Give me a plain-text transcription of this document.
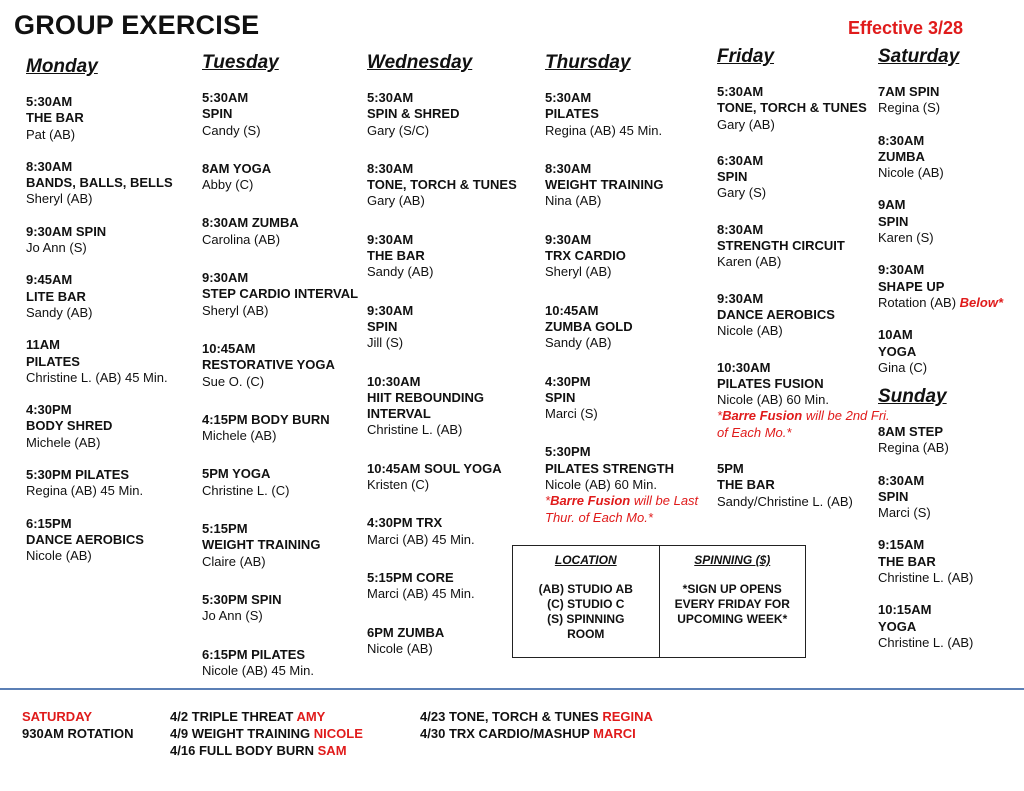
GROUP EXERCISE	Effective 3/28
Monday
5:30AM
THE BAR
Pat (AB)
8:30AM
BANDS, BALLS, BELLS
Sheryl (AB)
9:30AM SPIN
Jo Ann (S)
9:45AM
LITE BAR
Sandy (AB)
11AM
PILATES
Christine L. (AB) 45 Min.
4:30PM
BODY SHRED
Michele (AB)
5:30PM PILATES
Regina (AB) 45 Min.
6:15PM
DANCE AEROBICS
Nicole (AB)
Tuesday
5:30AM
SPIN
Candy (S)
8AM YOGA
Abby (C)
8:30AM ZUMBA
Carolina (AB)
9:30AM
STEP CARDIO INTERVAL
Sheryl (AB)
10:45AM
RESTORATIVE YOGA
Sue O. (C)
4:15PM BODY BURN
Michele (AB)
5PM YOGA
Christine L. (C)
5:15PM
WEIGHT TRAINING
Claire (AB)
5:30PM SPIN
Jo Ann (S)
6:15PM PILATES
Nicole (AB) 45 Min.
Wednesday
5:30AM
SPIN & SHRED
Gary (S/C)
8:30AM
TONE, TORCH & TUNES
Gary (AB)
9:30AM
THE BAR
Sandy (AB)
9:30AM
SPIN
Jill (S)
10:30AM
HIIT REBOUNDING INTERVAL
Christine L. (AB)
10:45AM SOUL YOGA
Kristen (C)
4:30PM TRX
Marci (AB) 45 Min.
5:15PM CORE
Marci (AB) 45 Min.
6PM ZUMBA
Nicole (AB)
Thursday
5:30AM
PILATES
Regina (AB) 45 Min.
8:30AM
WEIGHT TRAINING
Nina (AB)
9:30AM
TRX CARDIO
Sheryl (AB)
10:45AM
ZUMBA GOLD
Sandy (AB)
4:30PM
SPIN
Marci (S)
5:30PM
PILATES STRENGTH
Nicole (AB) 60 Min.
*Barre Fusion will be Last Thur. of Each Mo.*
Friday
5:30AM
TONE, TORCH & TUNES
Gary (AB)
6:30AM
SPIN
Gary (S)
8:30AM
STRENGTH CIRCUIT
Karen (AB)
9:30AM
DANCE AEROBICS
Nicole (AB)
10:30AM
PILATES FUSION
Nicole (AB) 60 Min.
*Barre Fusion will be 2nd Fri. of Each Mo.*
5PM
THE BAR
Sandy/Christine L. (AB)
Saturday
7AM SPIN
Regina (S)
8:30AM
ZUMBA
Nicole (AB)
9AM
SPIN
Karen (S)
9:30AM
SHAPE UP
Rotation (AB) Below*
10AM
YOGA
Gina (C)
Sunday
8AM STEP
Regina (AB)
8:30AM
SPIN
Marci (S)
9:15AM
THE BAR
Christine L. (AB)
10:15AM
YOGA
Christine L. (AB)
LOCATION
(AB) STUDIO AB
(C) STUDIO C
(S) SPINNING
ROOM
SPINNING ($)
*SIGN UP OPENS
EVERY FRIDAY FOR
UPCOMING WEEK*
SATURDAY
930AM ROTATION
4/2 TRIPLE THREAT AMY
4/9 WEIGHT TRAINING NICOLE
4/16 FULL BODY BURN SAM
4/23 TONE, TORCH & TUNES REGINA
4/30 TRX CARDIO/MASHUP MARCI
